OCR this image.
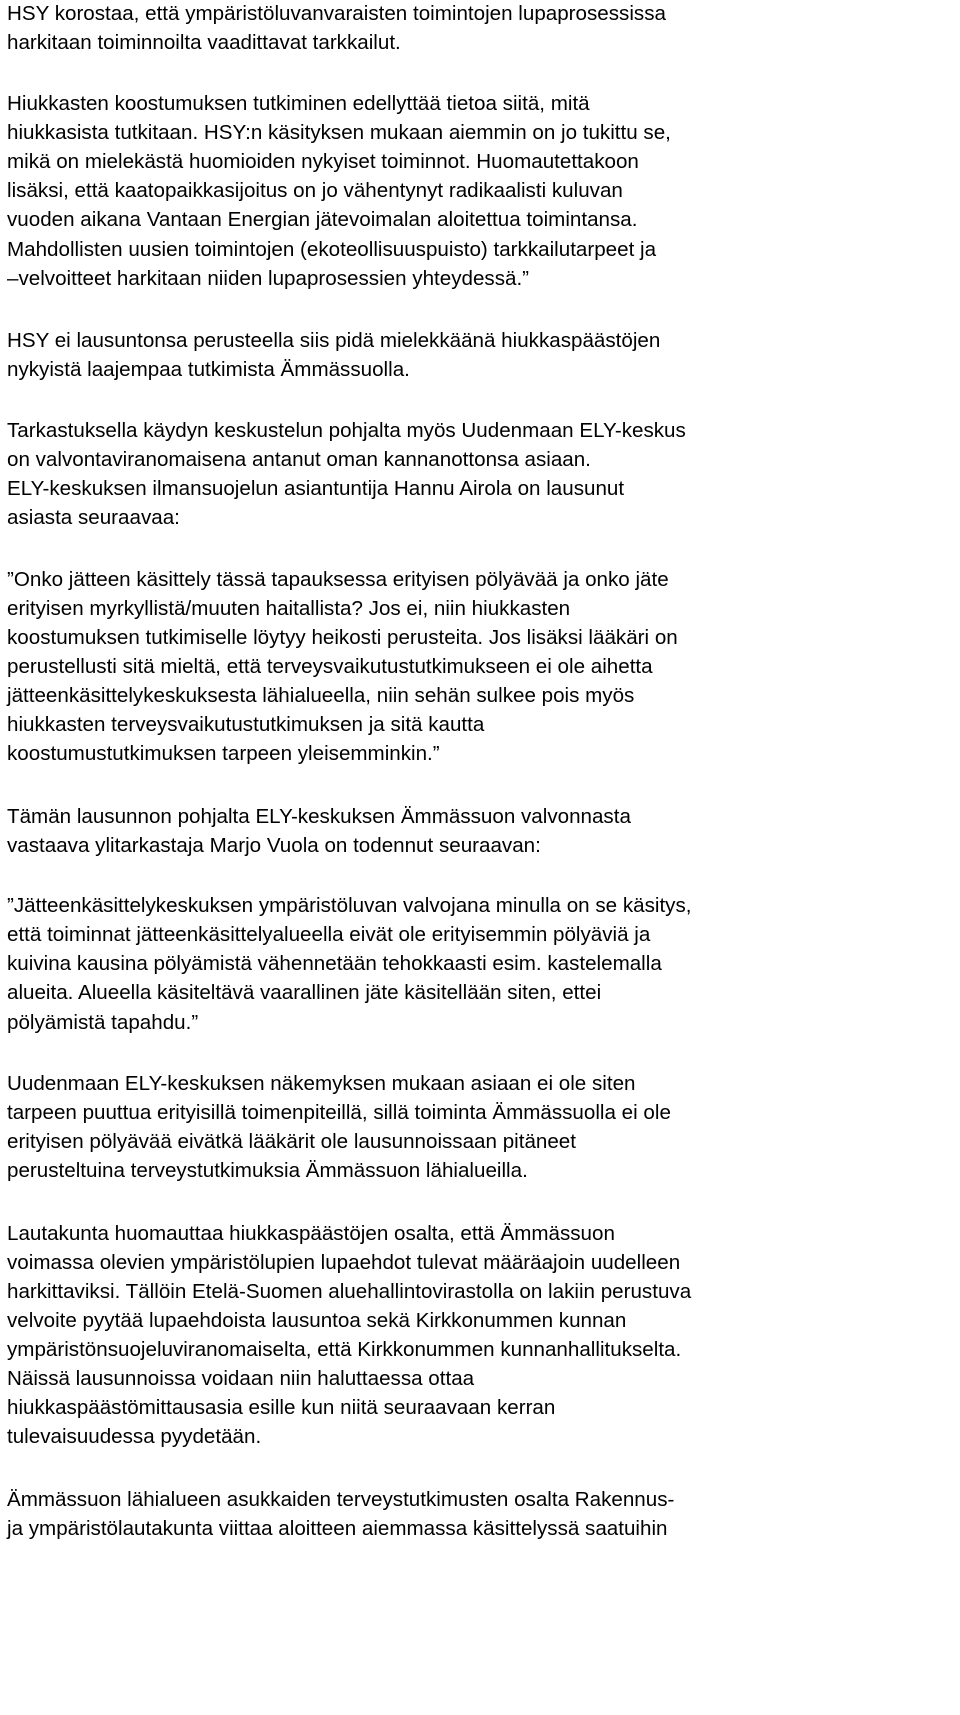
HSY korostaa, että ympäristöluvanvaraisten toimintojen lupaprosessissa
harkitaan toiminnoilta vaadittavat tarkkailut.
Hiukkasten koostumuksen tutkiminen edellyttää tietoa siitä, mitä
hiukkasista tutkitaan. HSY:n käsityksen mukaan aiemmin on jo tukittu se,
mikä on mielekästä huomioiden nykyiset toiminnot. Huomautettakoon
lisäksi, että kaatopaikkasijoitus on jo vähentynyt radikaalisti kuluvan
vuoden aikana Vantaan Energian jätevoimalan aloitettua toimintansa.
Mahdollisten uusien toimintojen (ekoteollisuuspuisto) tarkkailutarpeet ja
–velvoitteet harkitaan niiden lupaprosessien yhteydessä.”
HSY ei lausuntonsa perusteella siis pidä mielekkäänä hiukkaspäästöjen
nykyistä laajempaa tutkimista Ämmässuolla.
Tarkastuksella käydyn keskustelun pohjalta myös Uudenmaan ELY-keskus
on valvontaviranomaisena antanut oman kannanottonsa asiaan.
ELY-keskuksen ilmansuojelun asiantuntija Hannu Airola on lausunut
asiasta seuraavaa:
”Onko jätteen käsittely tässä tapauksessa erityisen pölyävää ja onko jäte
erityisen myrkyllistä/muuten haitallista? Jos ei, niin hiukkasten
koostumuksen tutkimiselle löytyy heikosti perusteita. Jos lisäksi lääkäri on
perustellusti sitä mieltä, että terveysvaikutustutkimukseen ei ole aihetta
jätteenkäsittelykeskuksesta lähialueella, niin sehän sulkee pois myös
hiukkasten terveysvaikutustutkimuksen ja sitä kautta
koostumustutkimuksen tarpeen yleisemminkin.”
Tämän lausunnon pohjalta ELY-keskuksen Ämmässuon valvonnasta
vastaava ylitarkastaja Marjo Vuola on todennut seuraavan:
”Jätteenkäsittelykeskuksen ympäristöluvan valvojana minulla on se käsitys,
että toiminnat jätteenkäsittelyalueella eivät ole erityisemmin pölyäviä ja
kuivina kausina pölyämistä vähennetään tehokkaasti esim. kastelemalla
alueita. Alueella käsiteltävä vaarallinen jäte käsitellään siten, ettei
pölyämistä tapahdu.”
Uudenmaan ELY-keskuksen näkemyksen mukaan asiaan ei ole siten
tarpeen puuttua erityisillä toimenpiteillä, sillä toiminta Ämmässuolla ei ole
erityisen pölyävää eivätkä lääkärit ole lausunnoissaan pitäneet
perusteltuina terveystutkimuksia Ämmässuon lähialueilla.
Lautakunta huomauttaa hiukkaspäästöjen osalta, että Ämmässuon
voimassa olevien ympäristölupien lupaehdot tulevat määräajoin uudelleen
harkittaviksi. Tällöin Etelä-Suomen aluehallintovirastolla on lakiin perustuva
velvoite pyytää lupaehdoista lausuntoa sekä Kirkkonummen kunnan
ympäristönsuojeluviranomaiselta, että Kirkkonummen kunnanhallitukselta.
Näissä lausunnoissa voidaan niin haluttaessa ottaa
hiukkaspäästömittausasia esille kun niitä seuraavaan kerran
tulevaisuudessa pyydetään.
Ämmässuon lähialueen asukkaiden terveystutkimusten osalta Rakennus-
ja ympäristölautakunta viittaa aloitteen aiemmassa käsittelyssä saatuihin
